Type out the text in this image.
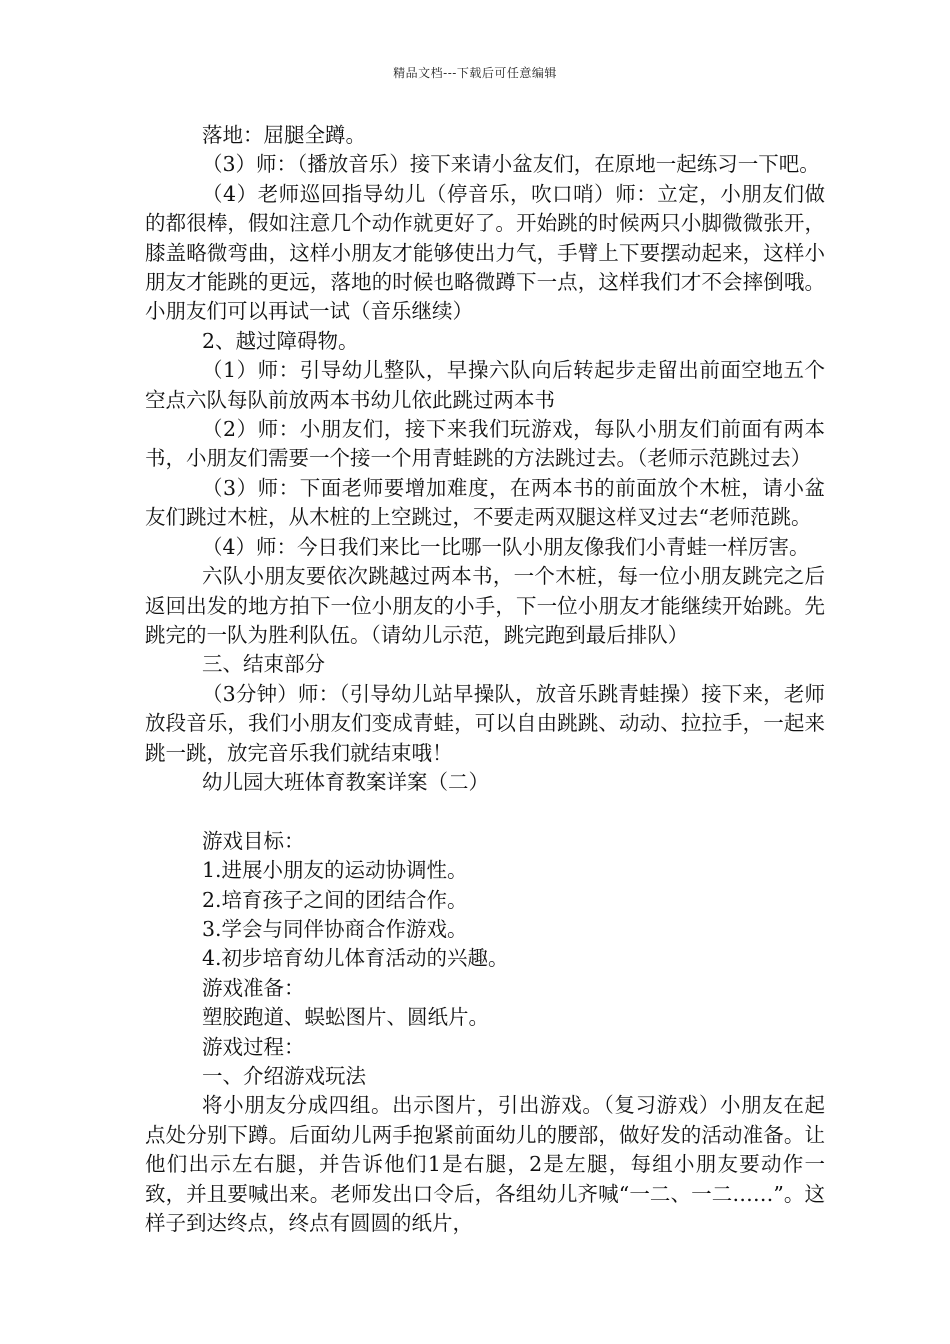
精品文档---下载后可任意编辑

落地：屈腿全蹲。

（3）师：（播放音乐）接下来请小盆友们，在原地一起练习一下吧。

（4）老师巡回指导幼儿（停音乐，吹口哨）师：立定，小朋友们做的都很棒，假如注意几个动作就更好了。开始跳的时候两只小脚微微张开，膝盖略微弯曲，这样小朋友才能够使出力气，手臂上下要摆动起来，这样小朋友才能跳的更远，落地的时候也略微蹲下一点，这样我们才不会摔倒哦。小朋友们可以再试一试（音乐继续）

2、越过障碍物。

（1）师：引导幼儿整队，早操六队向后转起步走留出前面空地五个空点六队每队前放两本书幼儿依此跳过两本书

（2）师：小朋友们，接下来我们玩游戏，每队小朋友们前面有两本书，小朋友们需要一个接一个用青蛙跳的方法跳过去。（老师示范跳过去）

（3）师：下面老师要增加难度，在两本书的前面放个木桩，请小盆友们跳过木桩，从木桩的上空跳过，不要走两双腿这样叉过去“老师范跳。

（4）师：今日我们来比一比哪一队小朋友像我们小青蛙一样厉害。

六队小朋友要依次跳越过两本书，一个木桩，每一位小朋友跳完之后返回出发的地方拍下一位小朋友的小手，下一位小朋友才能继续开始跳。先跳完的一队为胜利队伍。（请幼儿示范，跳完跑到最后排队）

三、结束部分

（3分钟）师：（引导幼儿站早操队，放音乐跳青蛙操）接下来，老师放段音乐，我们小朋友们变成青蛙，可以自由跳跳、动动、拉拉手，一起来跳一跳，放完音乐我们就结束哦！

幼儿园大班体育教案详案（二）

游戏目标：

1.进展小朋友的运动协调性。

2.培育孩子之间的团结合作。

3.学会与同伴协商合作游戏。

4.初步培育幼儿体育活动的兴趣。

游戏准备：

塑胶跑道、蜈蚣图片、圆纸片。

游戏过程：

一、介绍游戏玩法

将小朋友分成四组。出示图片，引出游戏。（复习游戏）小朋友在起点处分别下蹲。后面幼儿两手抱紧前面幼儿的腰部，做好发的活动准备。让他们出示左右腿，并告诉他们1是右腿，2是左腿，每组小朋友要动作一致，并且要喊出来。老师发出口令后，各组幼儿齐喊“一二、一二……”。这样子到达终点，终点有圆圆的纸片，
